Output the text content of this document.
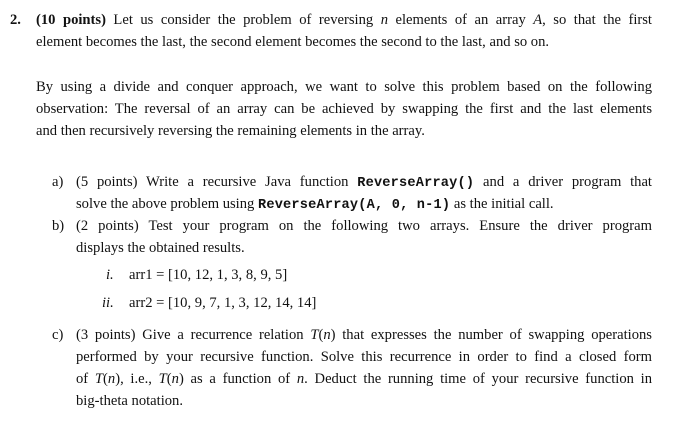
2. (10 points) Let us consider the problem of reversing n elements of an array A, so that the first
element becomes the last, the second element becomes the second to the last, and so on.
By using a divide and conquer approach, we want to solve this problem based on the following
observation: The reversal of an array can be achieved by swapping the first and the last elements
and then recursively reversing the remaining elements in the array.
a) (5 points) Write a recursive Java function ReverseArray() and a driver program that
solve the above problem using ReverseArray(A, 0, n-1) as the initial call.
b) (2 points) Test your program on the following two arrays. Ensure the driver program
displays the obtained results.
i. arr1 = [10, 12, 1, 3, 8, 9, 5]
ii. arr2 = [10, 9, 7, 1, 3, 12, 14, 14]
c) (3 points) Give a recurrence relation T(n) that expresses the number of swapping operations
performed by your recursive function. Solve this recurrence in order to find a closed form
of T(n), i.e., T(n) as a function of n. Deduct the running time of your recursive function in
big-theta notation.
